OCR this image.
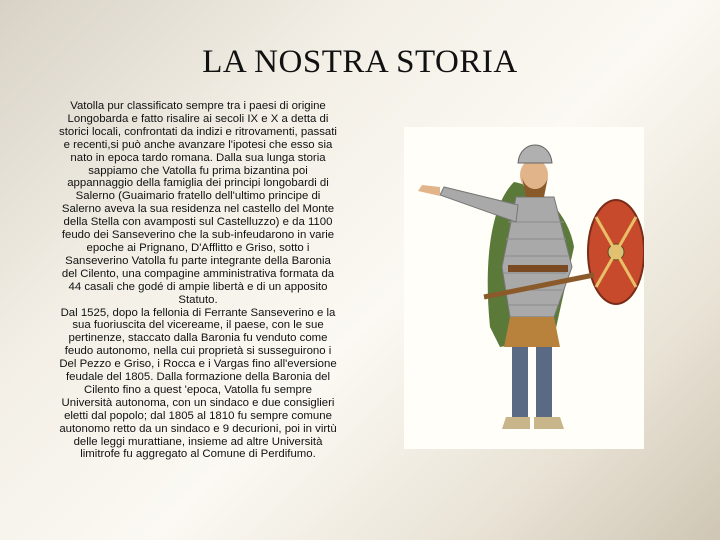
LA NOSTRA STORIA
Vatolla pur classificato sempre tra i paesi di origine Longobarda e fatto risalire ai secoli IX e X a detta di storici locali, confrontati da indizi e ritrovamenti, passati e recenti,si può anche avanzare l'ipotesi che esso sia nato in epoca tardo romana. Dalla sua lunga storia sappiamo che Vatolla fu prima bizantina poi appannaggio della famiglia dei principi longobardi di Salerno (Guaimario fratello dell'ultimo principe di Salerno aveva la sua residenza nel castello del Monte della Stella con avamposti sul Castelluzzo) e da 1100 feudo dei Sanseverino che la sub-infeudarono in varie epoche ai Prignano, D'Afflitto e Griso, sotto i Sanseverino Vatolla fu parte integrante della Baronia del Cilento, una compagine amministrativa formata da 44 casali che godé di ampie libertà e di un apposito Statuto.
Dal 1525, dopo la fellonia di Ferrante Sanseverino e la sua fuoriuscita del vicereame, il paese, con le sue pertinenze, staccato dalla Baronia fu venduto come feudo autonomo, nella cui proprietà si susseguirono i Del Pezzo e Griso, i Rocca e i Vargas fino all'eversione feudale del 1805. Dalla formazione della Baronia del Cilento fino a quest 'epoca, Vatolla fu sempre Università autonoma, con un sindaco e due consiglieri eletti dal popolo; dal 1805 al 1810 fu sempre comune autonomo retto da un sindaco e 9 decurioni, poi in virtù delle leggi murattiane, insieme ad altre Università limitrofe fu aggregato al Comune di Perdifumo.
